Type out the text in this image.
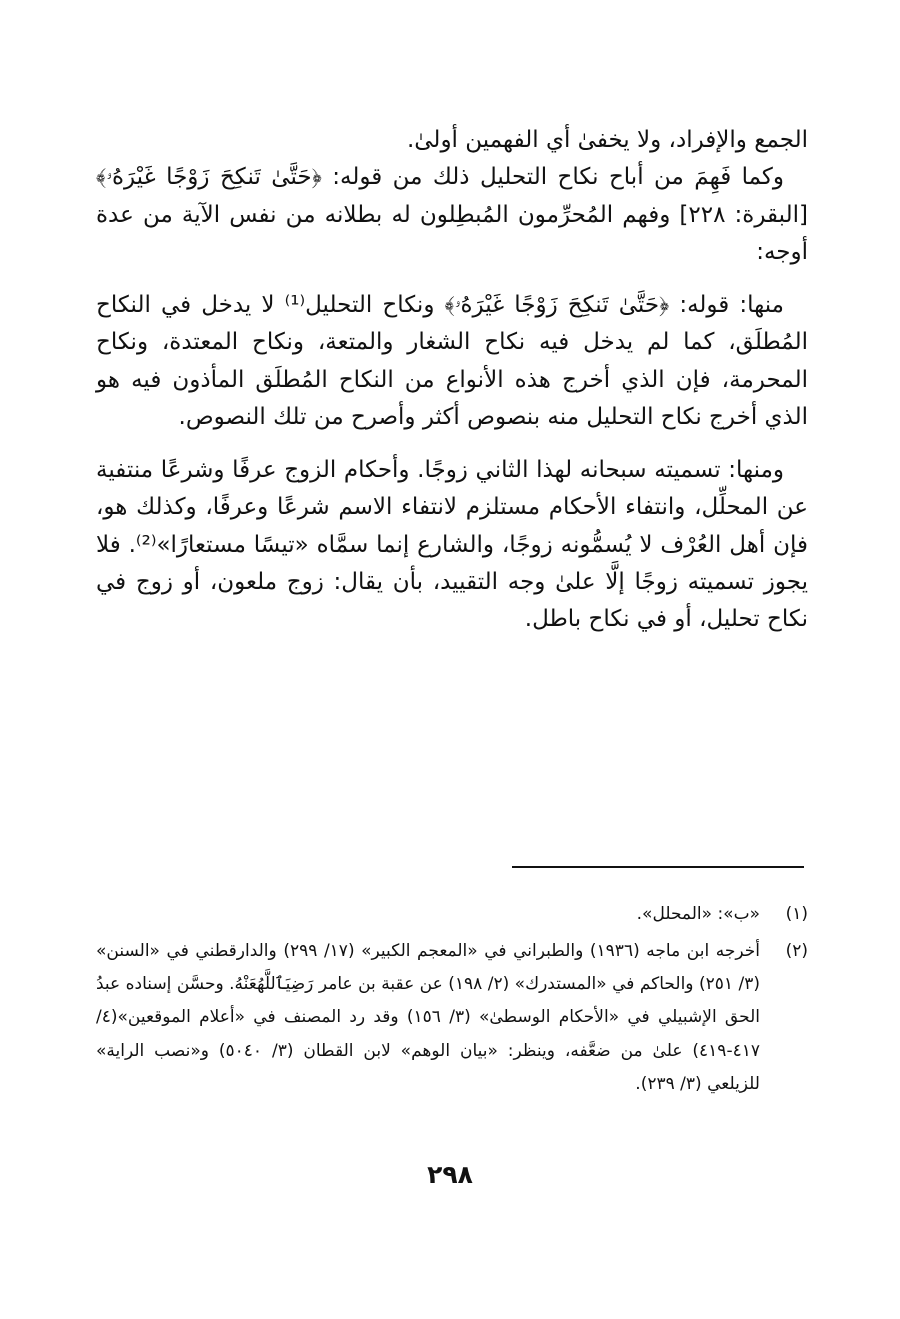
الجمع والإفراد، ولا يخفىٰ أي الفهمين أولىٰ.

وكما فَهِمَ من أباح نكاح التحليل ذلك من قوله: ﴿حَتَّىٰ تَنكِحَ زَوْجًا غَيْرَهُۥ﴾ [البقرة: ٢٢٨] وفهم المُحرِّمون المُبطِلون له بطلانه من نفس الآية من عدة أوجه:

منها: قوله: ﴿حَتَّىٰ تَنكِحَ زَوْجًا غَيْرَهُۥ﴾ ونكاح التحليل⁽¹⁾ لا يدخل في النكاح المُطلَق، كما لم يدخل فيه نكاح الشغار والمتعة، ونكاح المعتدة، ونكاح المحرمة، فإن الذي أخرج هذه الأنواع من النكاح المُطلَق المأذون فيه هو الذي أخرج نكاح التحليل منه بنصوص أكثر وأصرح من تلك النصوص.

ومنها: تسميته سبحانه لهذا الثاني زوجًا. وأحكام الزوج عرفًا وشرعًا منتفية عن المحلِّل، وانتفاء الأحكام مستلزم لانتفاء الاسم شرعًا وعرفًا، وكذلك هو، فإن أهل العُرْف لا يُسمُّونه زوجًا، والشارع إنما سمَّاه «تيسًا مستعارًا»⁽²⁾. فلا يجوز تسميته زوجًا إلَّا علىٰ وجه التقييد، بأن يقال: زوج ملعون، أو زوج في نكاح تحليل، أو في نكاح باطل.

(١)
«ب»: «المحلل».
(٢)
أخرجه ابن ماجه (١٩٣٦) والطبراني في «المعجم الكبير» (١٧/ ٢٩٩) والدارقطني في «السنن» (٣/ ٢٥١) والحاكم في «المستدرك» (٢/ ١٩٨) عن عقبة بن عامر رَضِيَٱللَّهُعَنْهُ. وحسَّن إسناده عبدُ الحق الإشبيلي في «الأحكام الوسطىٰ» (٣/ ١٥٦) وقد رد المصنف في «أعلام الموقعين»(٤/ ٤١٧-٤١٩) علىٰ من ضعَّفه، وينظر: «بيان الوهم» لابن القطان (٣/ ٥٠٤٠) و«نصب الراية» للزيلعي (٣/ ٢٣٩).
٢٩٨
